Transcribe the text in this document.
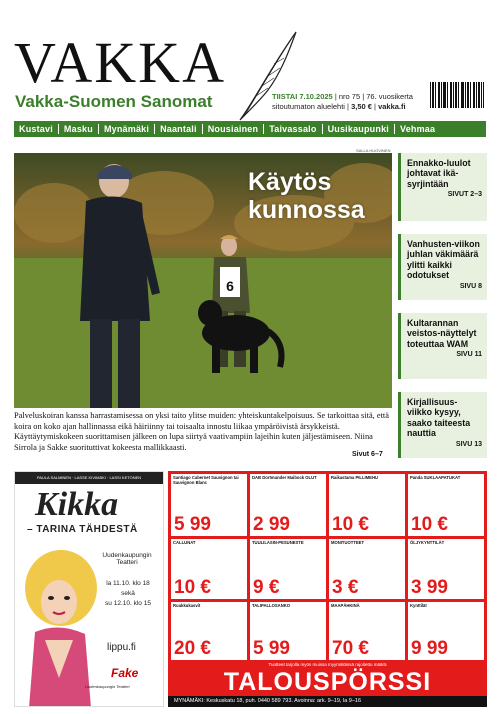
VAKKA
Vakka-Suomen Sanomat	TIISTAI 7.10.2025 | nro 75 | 76. vuosikerta
sitoutumaton aluelehti | 3,50 € | vakka.fi
Kustavi	Masku	Mynämäki	Naantali	Nousiainen	Taivassalo	Uusikaupunki	Vehmaa
SALLA HUOVINEN
6
Käytös
kunnossa
Palveluskoiran kanssa harrastamisessa on yksi taito ylitse muiden: yhteiskuntakelpoisuus. Se tarkoittaa sitä, että koira on koko ajan hallinnassa eikä häiriinny tai toisaalta innostu liikaa ympäröivistä ärsykkeistä. Käyttäytymiskokeen suorittamisen jälkeen on lupa siirtyä vaativampiin lajeihin kuten jäljestämiseen. Niina Sirrola ja Sakke suorituttivat kokeesta mallikkaasti.
Sivut 6–7
Ennakko-luulot johtavat ikä-syrjintään
SIVUT 2–3
Vanhusten-viikon juhlan väkimäärä ylitti kaikki odotukset
SIVU 8
Kultarannan veistos-näyttelyt toteuttaa WAM
SIVU 11
Kirjallisuus-viikko kysyy, saako taiteesta nauttia
SIVU 13
PAULA SALMINEN · LASSE KIVIMÄKI · LASSI KETONEN
Kikka
– TARINA TÄHDESTÄ
Uudenkaupungin Teatteri
la 11.10. klo 18
sekä
su 12.10. klo 15
lippu.fi
Fake
Uudenkaupungin Teatteri
Santiago Cabernet Sauvignon tai Sauvignon Blanc
5 99
DAB Dortmunder Maibock OLUT
2 99
Raikastama PILLIMEHU
10 €
Panda SUKLAAPATUKAT
10 €
CALLUNAT
10 €
TUULILASIN-PESUNESTE
9 €
MONITUOTTEET
3 €
ÖLJYKYNTTILÄT
3 99
TALIPALLOSANKO
5 99
MAAPÄHKINÄ
70 €
Ruukkukasvit
20 €
Kynttilät
9 99
Tuotteet tarjolla myös muissa myymälöissä rajoitettu määrä
TALOUSPÖRSSI
MYNÄMÄKI: Keskuskatu 18, puh. 0440 589 793. Avoinna: ark. 9–19, la 9–16
